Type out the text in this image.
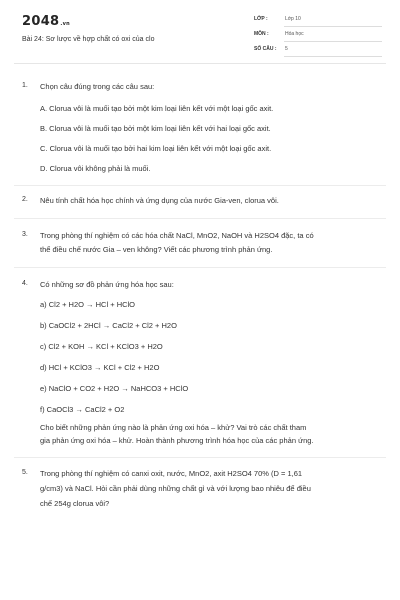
2048.vn
Bài 24: Sơ lược về hợp chất có oxi của clo
LỚP :	Lớp 10
MÔN :	Hóa học
SỐ CÂU : 5
1. Chọn câu đúng trong các câu sau:
A. Clorua vôi là muối tạo bởi một kim loại liên kết với một loại gốc axit.
B. Clorua vôi là muối tạo bởi một kim loại liên kết với hai loại gốc axit.
C. Clorua vôi là muối tạo bởi hai kim loại liên kết với một loại gốc axit.
D. Clorua vôi không phải là muối.
2. Nêu tính chất hóa học chính và ứng dụng của nước Gia-ven, clorua vôi.
3. Trong phòng thí nghiệm có các hóa chất NaCl, MnO2, NaOH và H2SO4 đặc, ta có
thể điều chế nước Gia – ven không? Viết các phương trình phản ứng.
4. Có những sơ đồ phản ứng hóa học sau:
a) Cl2 + H2O → HCl + HClO
b) CaOCl2 + 2HCl → CaCl2 + Cl2 + H2O
c) Cl2 + KOH → KCl + KClO3 + H2O
d) HCl + KClO3 → KCl + Cl2 + H2O
e) NaClO + CO2 + H2O → NaHCO3 + HClO
f) CaOCl3 → CaCl2 + O2
Cho biết những phản ứng nào là phản ứng oxi hóa – khử? Vai trò các chất tham
gia phản ứng oxi hóa – khử. Hoàn thành phương trình hóa học của các phản ứng.
5. Trong phòng thí nghiệm có canxi oxit, nước, MnO2, axit H2SO4 70% (D = 1,61
g/cm3) và NaCl. Hỏi cần phải dùng những chất gì và với lượng bao nhiêu để điều
chế 254g clorua vôi?
